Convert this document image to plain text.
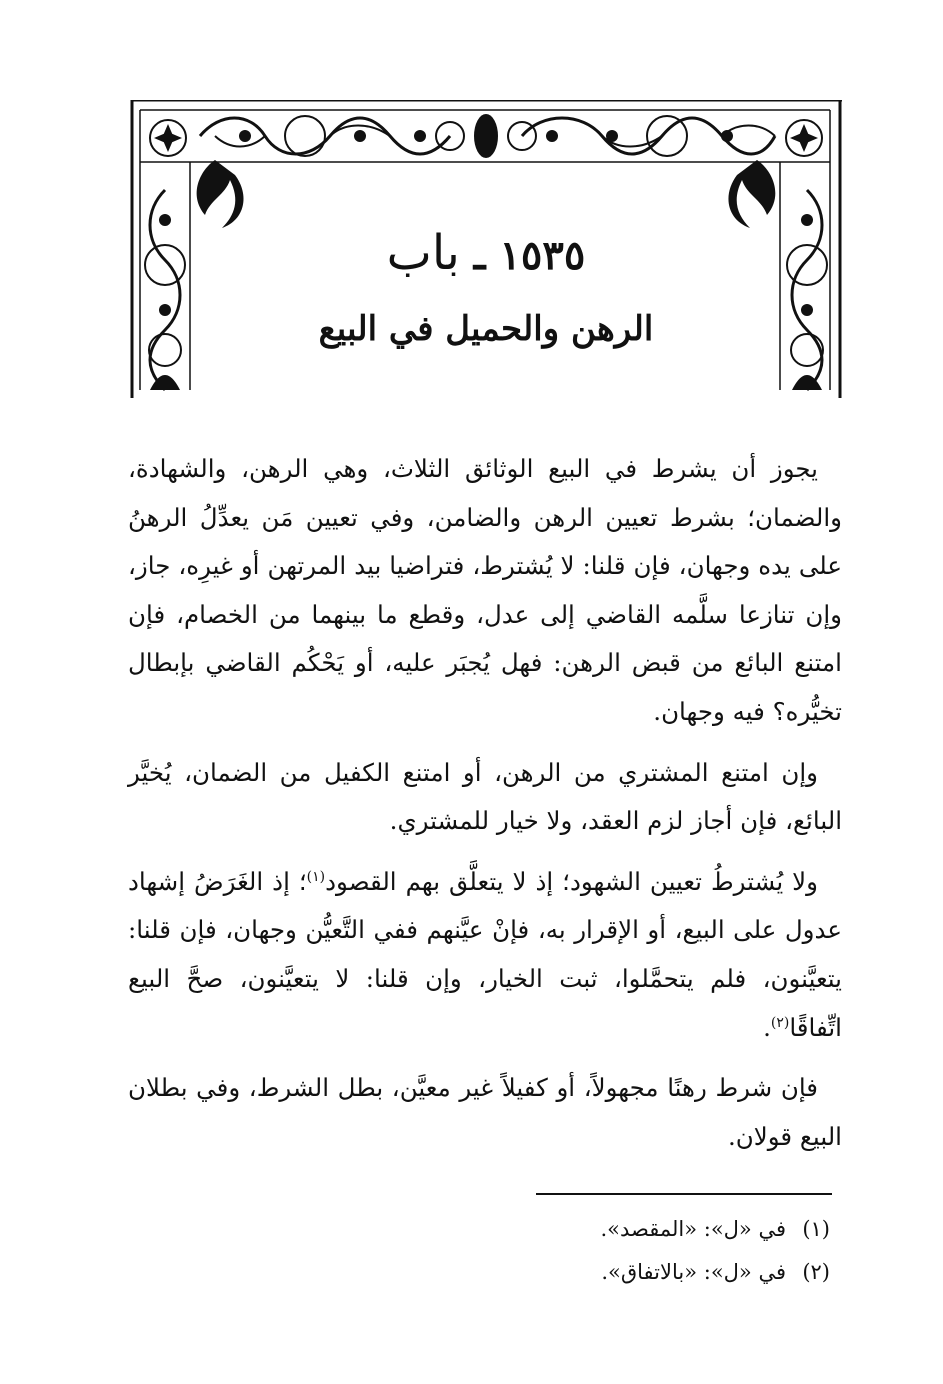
١٥٣٥ ـ باب
الرهن والحميل في البيع

يجوز أن يشرط في البيع الوثائق الثلاث، وهي الرهن، والشهادة، والضمان؛ بشرط تعيين الرهن والضامن، وفي تعيين مَن يعدِّلُ الرهنُ على يده وجهان، فإن قلنا: لا يُشترط، فتراضيا بيد المرتهن أو غيرِه، جاز، وإن تنازعا سلَّمه القاضي إلى عدل، وقطع ما بينهما من الخصام، فإن امتنع البائع من قبض الرهن: فهل يُجبَر عليه، أو يَحْكُم القاضي بإبطال تخيُّره؟ فيه وجهان.

وإن امتنع المشتري من الرهن، أو امتنع الكفيل من الضمان، يُخيَّر البائع، فإن أجاز لزم العقد، ولا خيار للمشتري.

ولا يُشترطُ تعيين الشهود؛ إذ لا يتعلَّق بهم القصود$^{(١)}$؛ إذ الغَرَضُ إشهاد عدول على البيع، أو الإقرار به، فإنْ عيَّنهم ففي التَّعيُّن وجهان، فإن قلنا: يتعيَّنون، فلم يتحمَّلوا، ثبت الخيار، وإن قلنا: لا يتعيَّنون، صحَّ البيع اتِّفاقًا$^{(٢)}$.

فإن شرط رهنًا مجهولاً، أو كفيلاً غير معيَّن، بطل الشرط، وفي بطلان البيع قولان.

(١)في «ل»: «المقصد».
(٢)في «ل»: «بالاتفاق».
